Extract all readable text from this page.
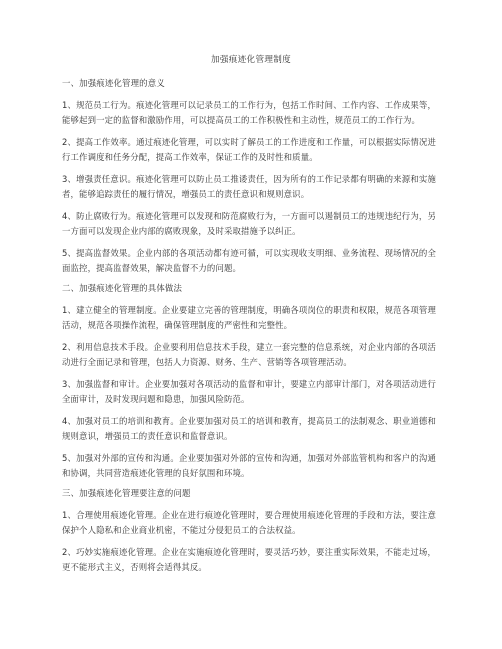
加强痕迹化管理制度
一、加强痕迹化管理的意义
1、规范员工行为。痕迹化管理可以记录员工的工作行为，包括工作时间、工作内容、工作成果等，能够起到一定的监督和激励作用，可以提高员工的工作积极性和主动性，规范员工的工作行为。
2、提高工作效率。通过痕迹化管理，可以实时了解员工的工作进度和工作量，可以根据实际情况进行工作调度和任务分配，提高工作效率，保证工作的及时性和质量。
3、增强责任意识。痕迹化管理可以防止员工推诿责任，因为所有的工作记录都有明确的来源和实施者，能够追踪责任的履行情况，增强员工的责任意识和规则意识。
4、防止腐败行为。痕迹化管理可以发现和防范腐败行为，一方面可以遏制员工的违规违纪行为，另一方面可以发现企业内部的腐败现象，及时采取措施予以纠正。
5、提高监督效果。企业内部的各项活动都有迹可循，可以实现收支明细、业务流程、现场情况的全面监控，提高监督效果，解决监督不力的问题。
二、加强痕迹化管理的具体做法
1、建立健全的管理制度。企业要建立完善的管理制度，明确各项岗位的职责和权限，规范各项管理活动，规范各项操作流程，确保管理制度的严密性和完整性。
2、利用信息技术手段。企业要利用信息技术手段，建立一套完整的信息系统，对企业内部的各项活动进行全面记录和管理，包括人力资源、财务、生产、营销等各项管理活动。
3、加强监督和审计。企业要加强对各项活动的监督和审计，要建立内部审计部门，对各项活动进行全面审计，及时发现问题和隐患，加强风险防范。
4、加强对员工的培训和教育。企业要加强对员工的培训和教育，提高员工的法制观念、职业道德和规则意识，增强员工的责任意识和监督意识。
5、加强对外部的宣传和沟通。企业要加强对外部的宣传和沟通，加强对外部监管机构和客户的沟通和协调，共同营造痕迹化管理的良好氛围和环境。
三、加强痕迹化管理要注意的问题
1、合理使用痕迹化管理。企业在进行痕迹化管理时，要合理使用痕迹化管理的手段和方法，要注意保护个人隐私和企业商业机密，不能过分侵犯员工的合法权益。
2、巧妙实施痕迹化管理。企业在实施痕迹化管理时，要灵活巧妙，要注重实际效果，不能走过场，更不能形式主义，否则将会适得其反。
